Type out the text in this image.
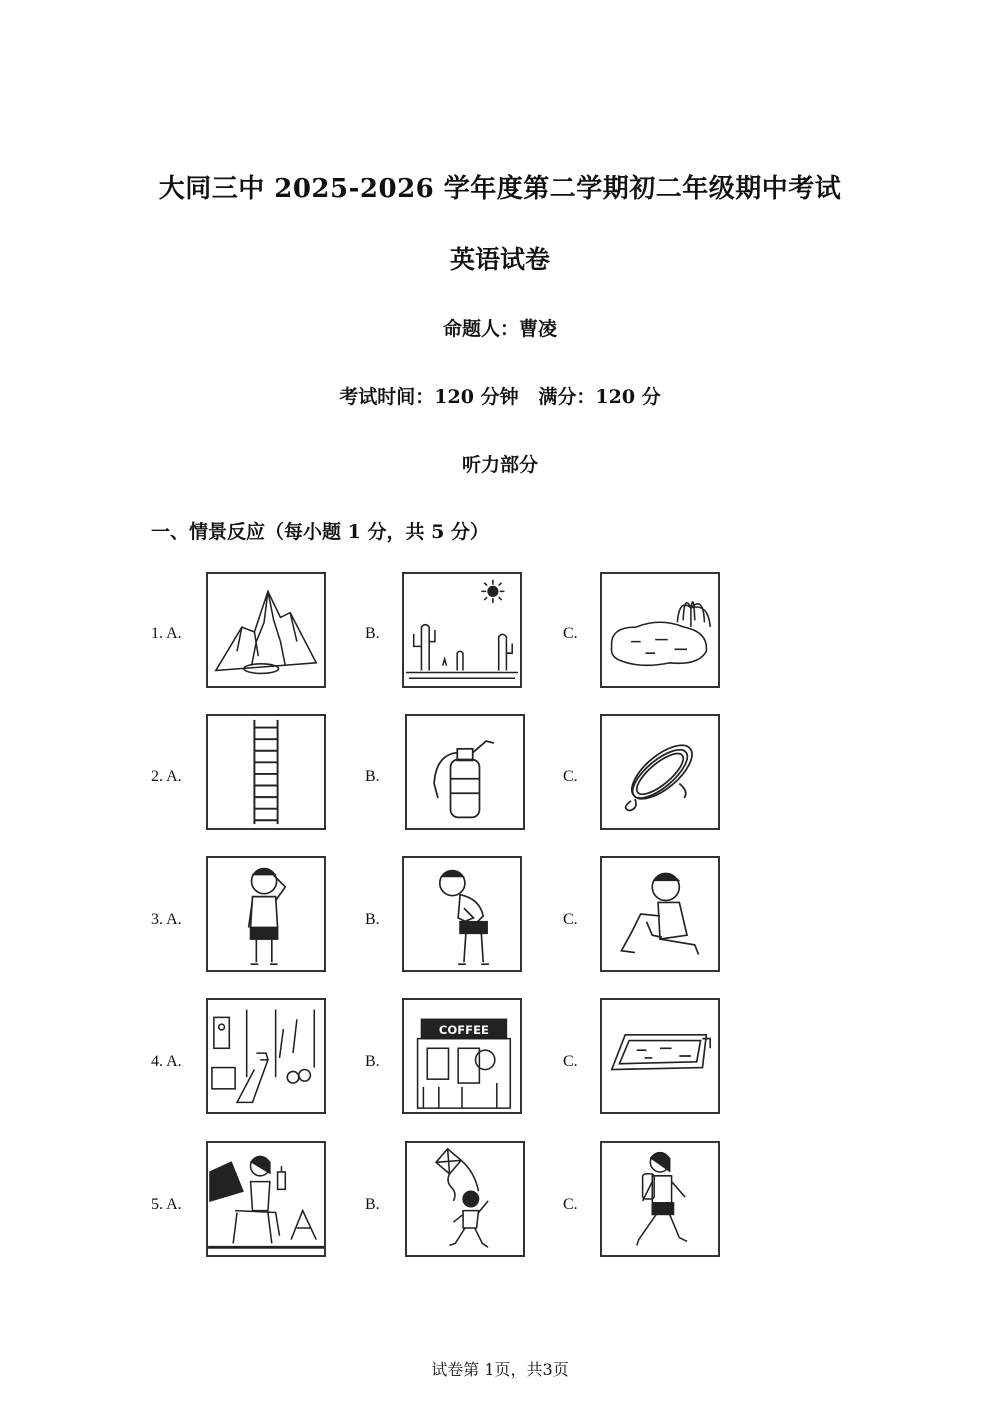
大同三中 2025-2026 学年度第二学期初二年级期中考试
英语试卷
命题人：曹凌
考试时间：120 分钟   满分：120 分
听力部分
一、情景反应（每小题 1 分，共 5 分）
1. A.	B.	C.
2. A.	B.	C.
3. A.	B.	C.
4. A.	B.	C.
COFFEE
5. A.	B.	C.
试卷第 1页，共3页
